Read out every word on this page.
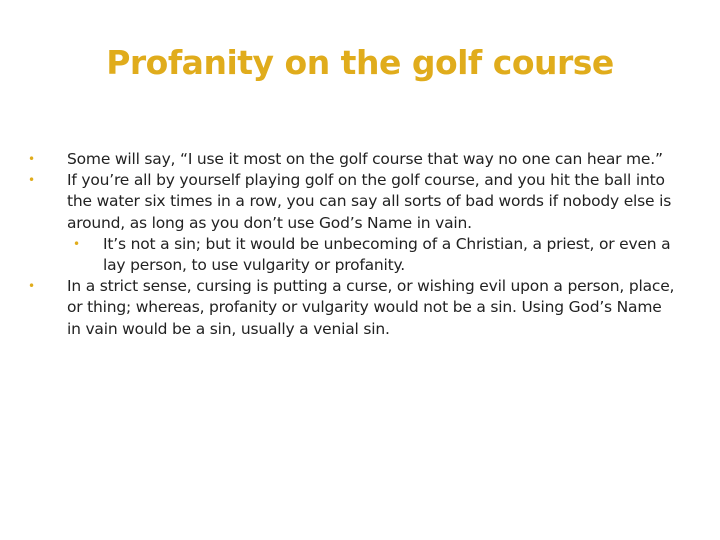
Profanity on the golf course

•	Some will say, “I use it most on the golf course that way no one can hear me.”

•	If you’re all by yourself playing golf on the golf course, and you hit the ball into the water six times in a row, you can say all sorts of bad words if nobody else is around, as long as you don’t use God’s Name in vain.

•	It’s not a sin; but it would be unbecoming of a Christian, a priest, or even a lay person, to use vulgarity or profanity.

•	In a strict sense, cursing is putting a curse, or wishing evil upon a person, place, or thing; whereas, profanity or vulgarity would not be a sin. Using God’s Name in vain would be a sin, usually a venial sin.
